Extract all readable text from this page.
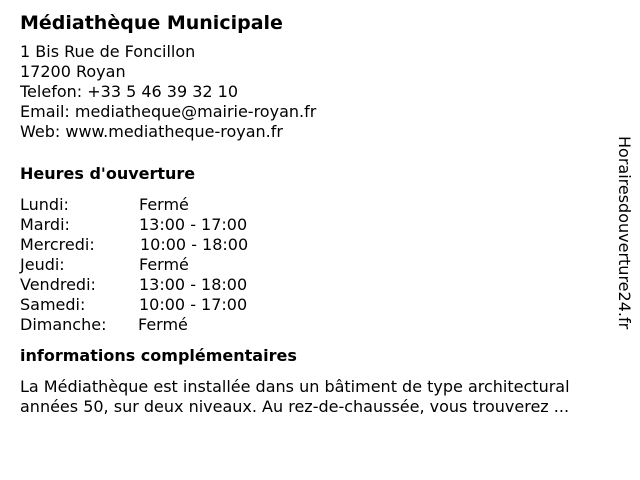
Médiathèque Municipale
1 Bis Rue de Foncillon
17200 Royan
Telefon: +33 5 46 39 32 10
Email: mediatheque@mairie-royan.fr
Web: www.mediatheque-royan.fr
Heures d'ouverture
Lundi:	Fermé
Mardi:	13:00 - 17:00
Mercredi:	10:00 - 18:00
Jeudi:	Fermé
Vendredi:	13:00 - 18:00
Samedi:	10:00 - 17:00
Dimanche:	Fermé
informations complémentaires
La Médiathèque est installée dans un bâtiment de type architectural
années 50, sur deux niveaux. Au rez-de-chaussée, vous trouverez ...
Horairesdouverture24.fr
